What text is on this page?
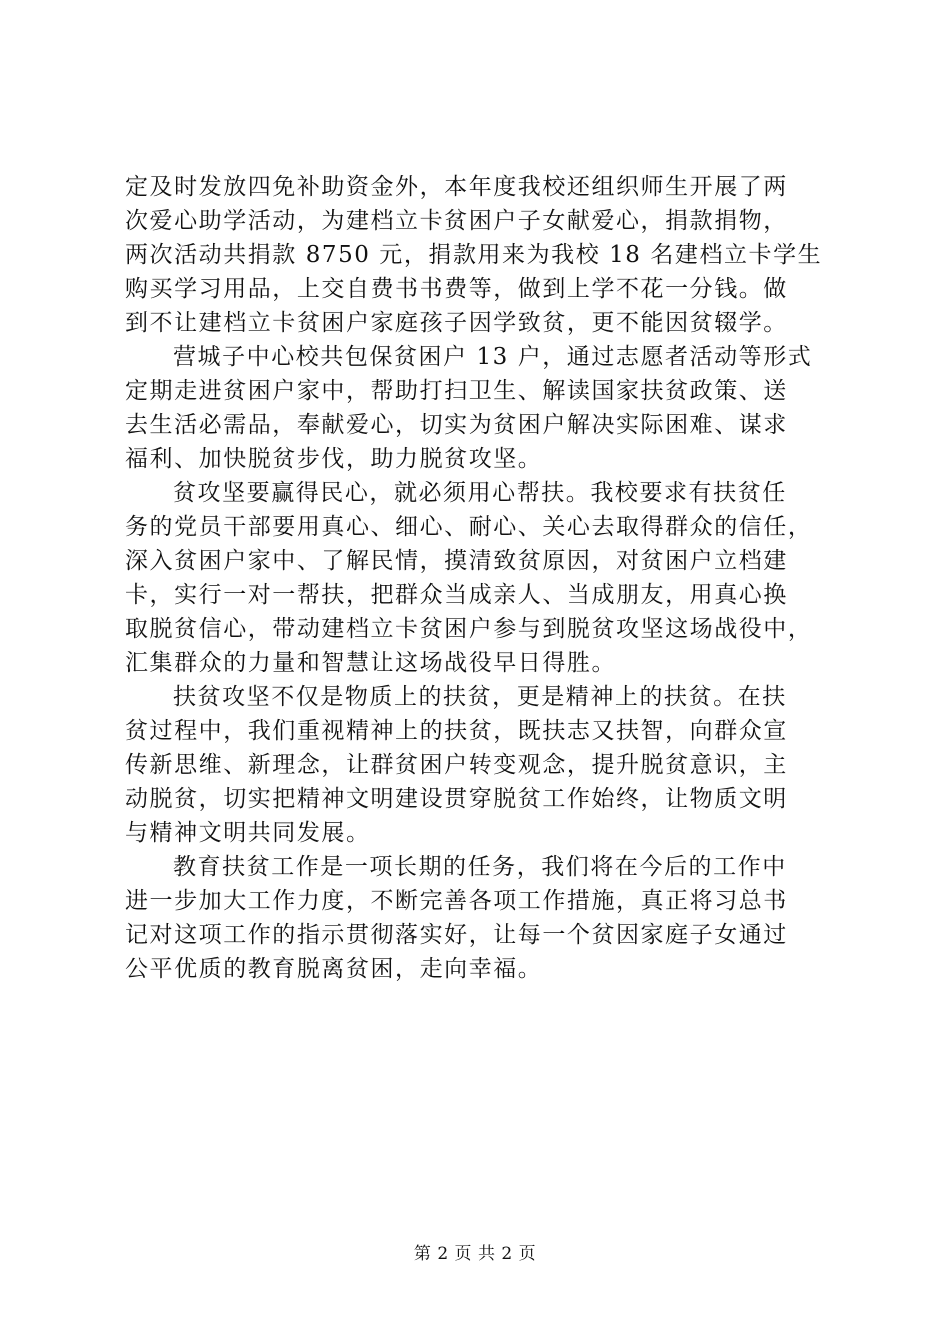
定及时发放四免补助资金外，本年度我校还组织师生开展了两
次爱心助学活动，为建档立卡贫困户子女献爱心，捐款捐物，
两次活动共捐款 8750 元，捐款用来为我校 18 名建档立卡学生
购买学习用品，上交自费书书费等，做到上学不花一分钱。做
到不让建档立卡贫困户家庭孩子因学致贫，更不能因贫辍学。
营城子中心校共包保贫困户 13 户，通过志愿者活动等形式
定期走进贫困户家中，帮助打扫卫生、解读国家扶贫政策、送
去生活必需品，奉献爱心，切实为贫困户解决实际困难、谋求
福利、加快脱贫步伐，助力脱贫攻坚。
贫攻坚要赢得民心，就必须用心帮扶。我校要求有扶贫任
务的党员干部要用真心、细心、耐心、关心去取得群众的信任，
深入贫困户家中、了解民情，摸清致贫原因，对贫困户立档建
卡，实行一对一帮扶，把群众当成亲人、当成朋友，用真心换
取脱贫信心，带动建档立卡贫困户参与到脱贫攻坚这场战役中，
汇集群众的力量和智慧让这场战役早日得胜。
扶贫攻坚不仅是物质上的扶贫，更是精神上的扶贫。在扶
贫过程中，我们重视精神上的扶贫，既扶志又扶智，向群众宣
传新思维、新理念，让群贫困户转变观念，提升脱贫意识，主
动脱贫，切实把精神文明建设贯穿脱贫工作始终，让物质文明
与精神文明共同发展。
教育扶贫工作是一项长期的任务，我们将在今后的工作中
进一步加大工作力度，不断完善各项工作措施，真正将习总书
记对这项工作的指示贯彻落实好，让每一个贫因家庭子女通过
公平优质的教育脱离贫困，走向幸福。
第 2 页 共 2 页
